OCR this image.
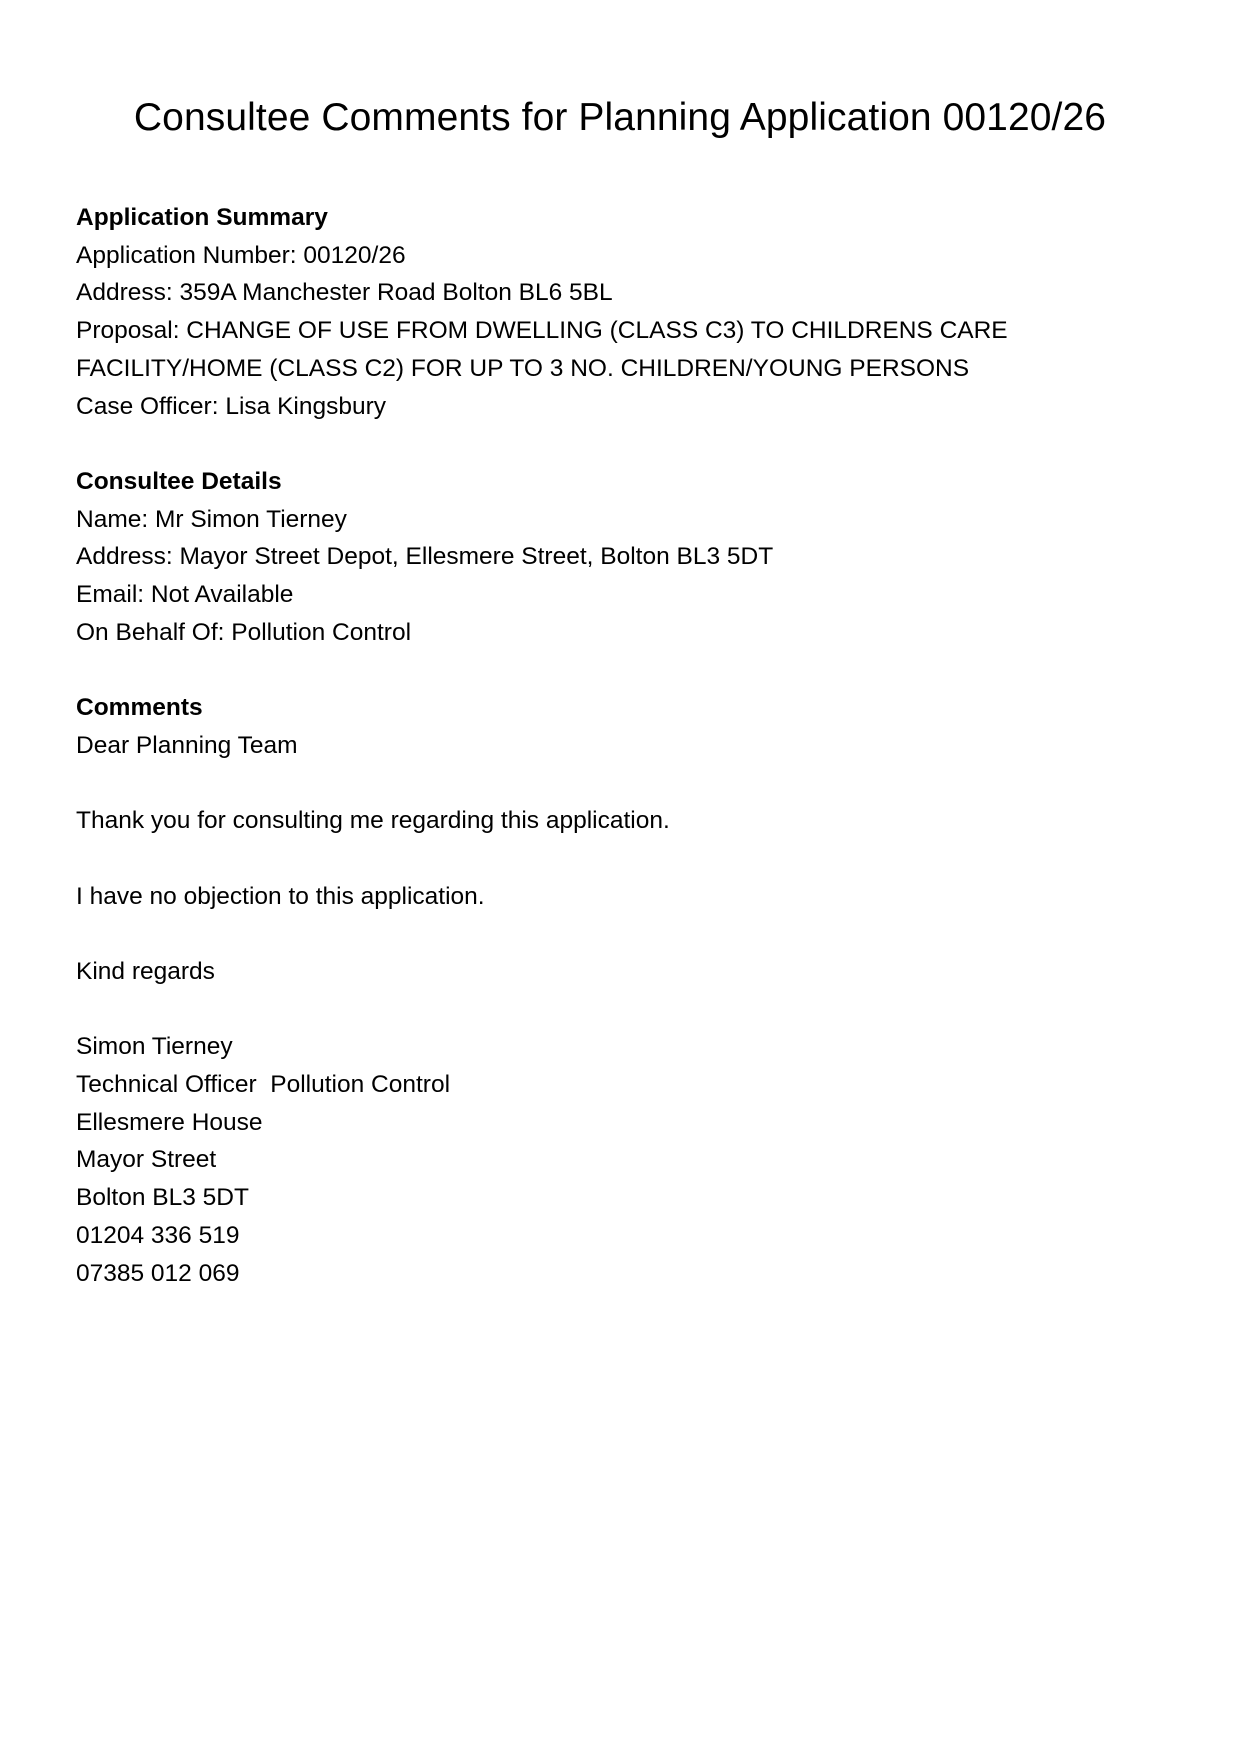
Consultee Comments for Planning Application 00120/26
Application Summary
Application Number: 00120/26
Address: 359A Manchester Road Bolton BL6 5BL
Proposal: CHANGE OF USE FROM DWELLING (CLASS C3) TO CHILDRENS CARE
FACILITY/HOME (CLASS C2) FOR UP TO 3 NO. CHILDREN/YOUNG PERSONS
Case Officer: Lisa Kingsbury
Consultee Details
Name: Mr Simon Tierney
Address: Mayor Street Depot, Ellesmere Street, Bolton BL3 5DT
Email: Not Available
On Behalf Of: Pollution Control
Comments
Dear Planning Team
Thank you for consulting me regarding this application.
I have no objection to this application.
Kind regards
Simon Tierney
Technical Officer  Pollution Control
Ellesmere House
Mayor Street
Bolton BL3 5DT
01204 336 519
07385 012 069
